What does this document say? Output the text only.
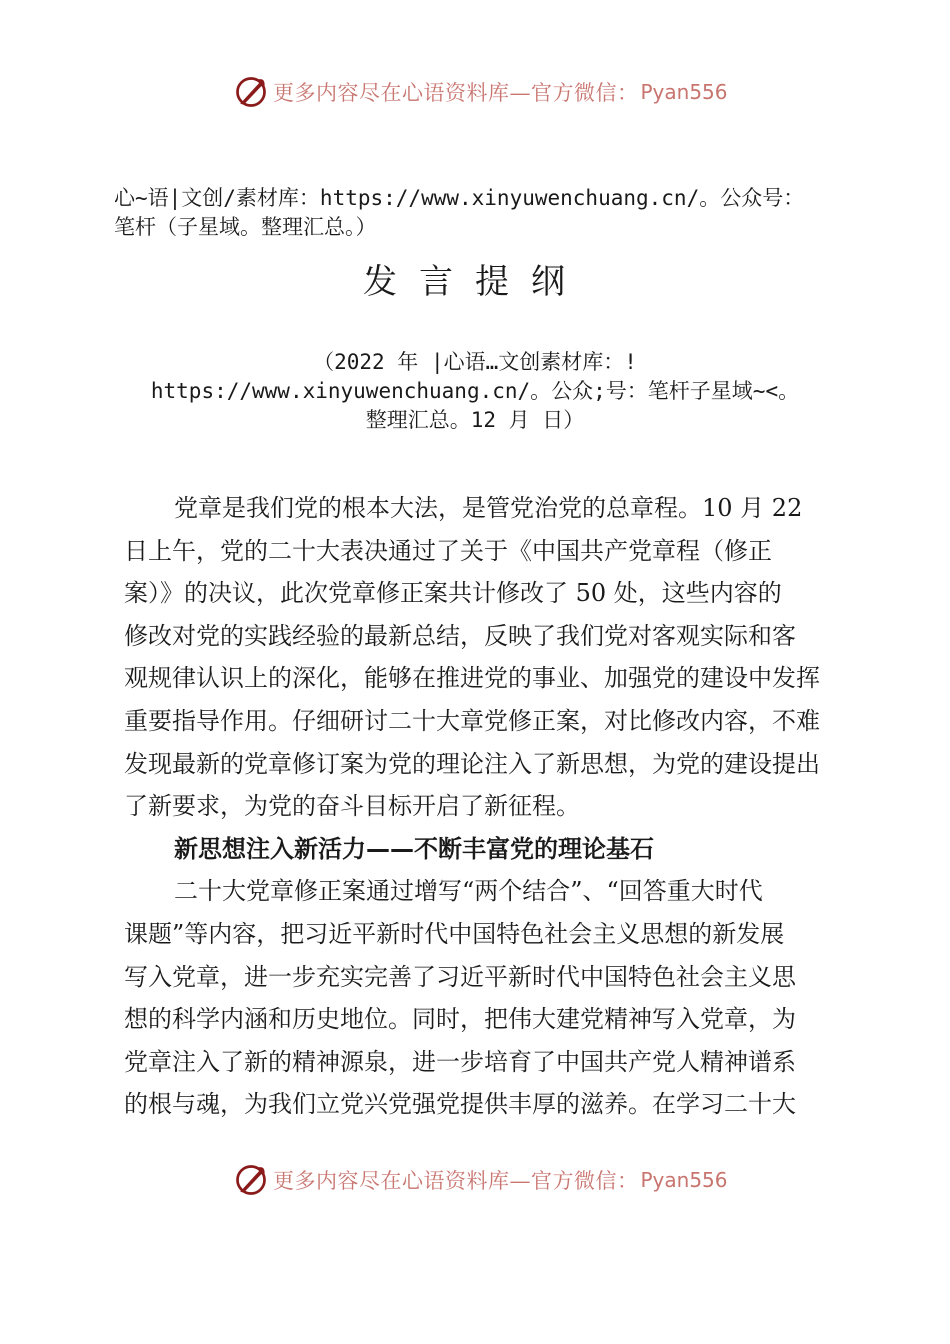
更多内容尽在心语资料库—官方微信： Pyan556
心~语|文创/素材库：https://www.xinyuwenchuang.cn/。公众号：
笔杆（子星域。整理汇总。）
发言提纲
（2022 年 |心语…文创素材库：!
https://www.xinyuwenchuang.cn/。公众;号：笔杆子星域~<。
整理汇总。12 月 日）
党章是我们党的根本大法，是管党治党的总章程。10 月 22
日上午，党的二十大表决通过了关于《中国共产党章程（修正
案）》的决议，此次党章修正案共计修改了 50 处，这些内容的
修改对党的实践经验的最新总结，反映了我们党对客观实际和客
观规律认识上的深化，能够在推进党的事业、加强党的建设中发挥
重要指导作用。仔细研讨二十大章党修正案，对比修改内容，不难
发现最新的党章修订案为党的理论注入了新思想，为党的建设提出
了新要求，为党的奋斗目标开启了新征程。
新思想注入新活力——不断丰富党的理论基石
二十大党章修正案通过增写“两个结合”、“回答重大时代
课题”等内容，把习近平新时代中国特色社会主义思想的新发展
写入党章，进一步充实完善了习近平新时代中国特色社会主义思
想的科学内涵和历史地位。同时，把伟大建党精神写入党章，为
党章注入了新的精神源泉，进一步培育了中国共产党人精神谱系
的根与魂，为我们立党兴党强党提供丰厚的滋养。在学习二十大
更多内容尽在心语资料库—官方微信： Pyan556
